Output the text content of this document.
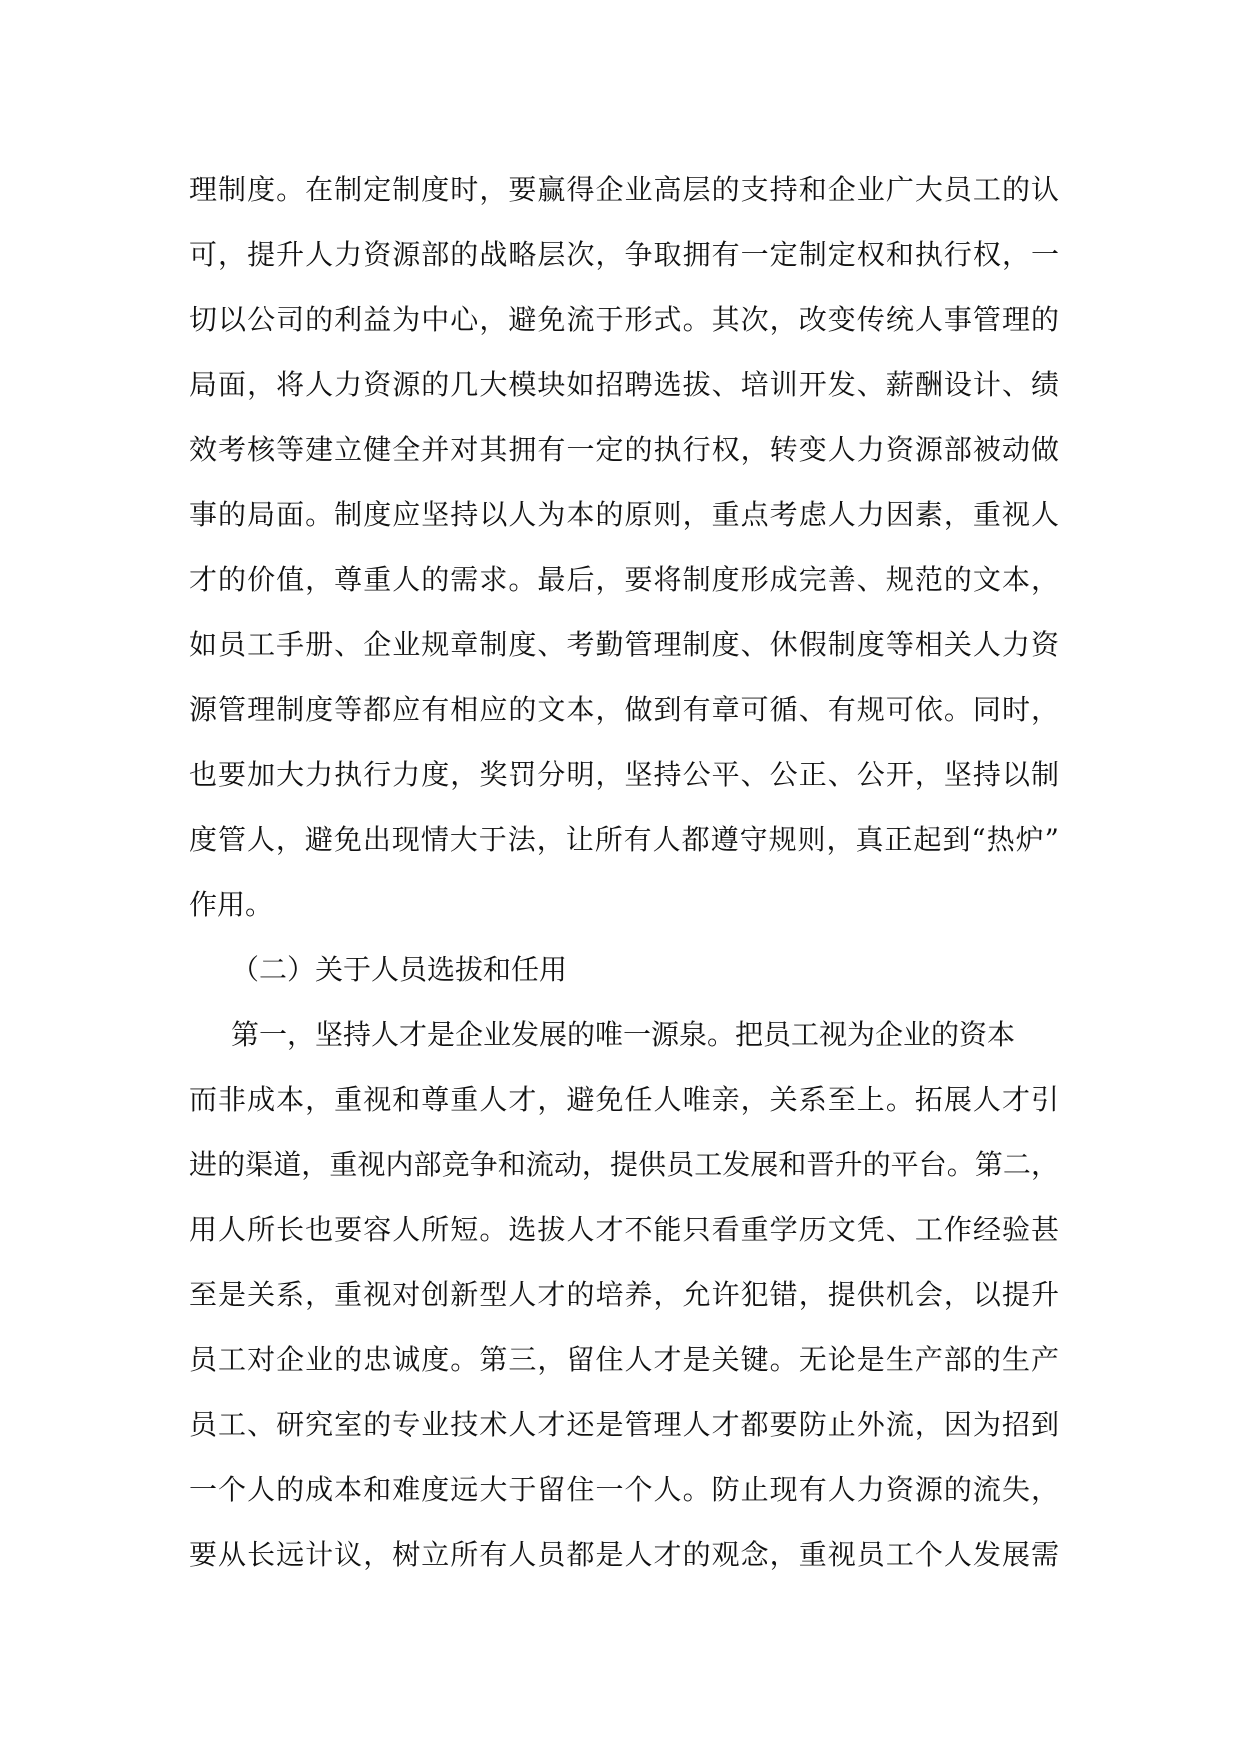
理制度。在制定制度时，要赢得企业高层的支持和企业广大员工的认
可，提升人力资源部的战略层次，争取拥有一定制定权和执行权，一
切以公司的利益为中心，避免流于形式。其次，改变传统人事管理的
局面，将人力资源的几大模块如招聘选拔、培训开发、薪酬设计、绩
效考核等建立健全并对其拥有一定的执行权，转变人力资源部被动做
事的局面。制度应坚持以人为本的原则，重点考虑人力因素，重视人
才的价值，尊重人的需求。最后，要将制度形成完善、规范的文本，
如员工手册、企业规章制度、考勤管理制度、休假制度等相关人力资
源管理制度等都应有相应的文本，做到有章可循、有规可依。同时，
也要加大力执行力度，奖罚分明，坚持公平、公正、公开，坚持以制
度管人，避免出现情大于法，让所有人都遵守规则，真正起到“热炉”
作用。
（二）关于人员选拔和任用
第一，坚持人才是企业发展的唯一源泉。把员工视为企业的资本
而非成本，重视和尊重人才，避免任人唯亲，关系至上。拓展人才引
进的渠道，重视内部竞争和流动，提供员工发展和晋升的平台。第二，
用人所长也要容人所短。选拔人才不能只看重学历文凭、工作经验甚
至是关系，重视对创新型人才的培养，允许犯错，提供机会，以提升
员工对企业的忠诚度。第三，留住人才是关键。无论是生产部的生产
员工、研究室的专业技术人才还是管理人才都要防止外流，因为招到
一个人的成本和难度远大于留住一个人。防止现有人力资源的流失，
要从长远计议，树立所有人员都是人才的观念，重视员工个人发展需
